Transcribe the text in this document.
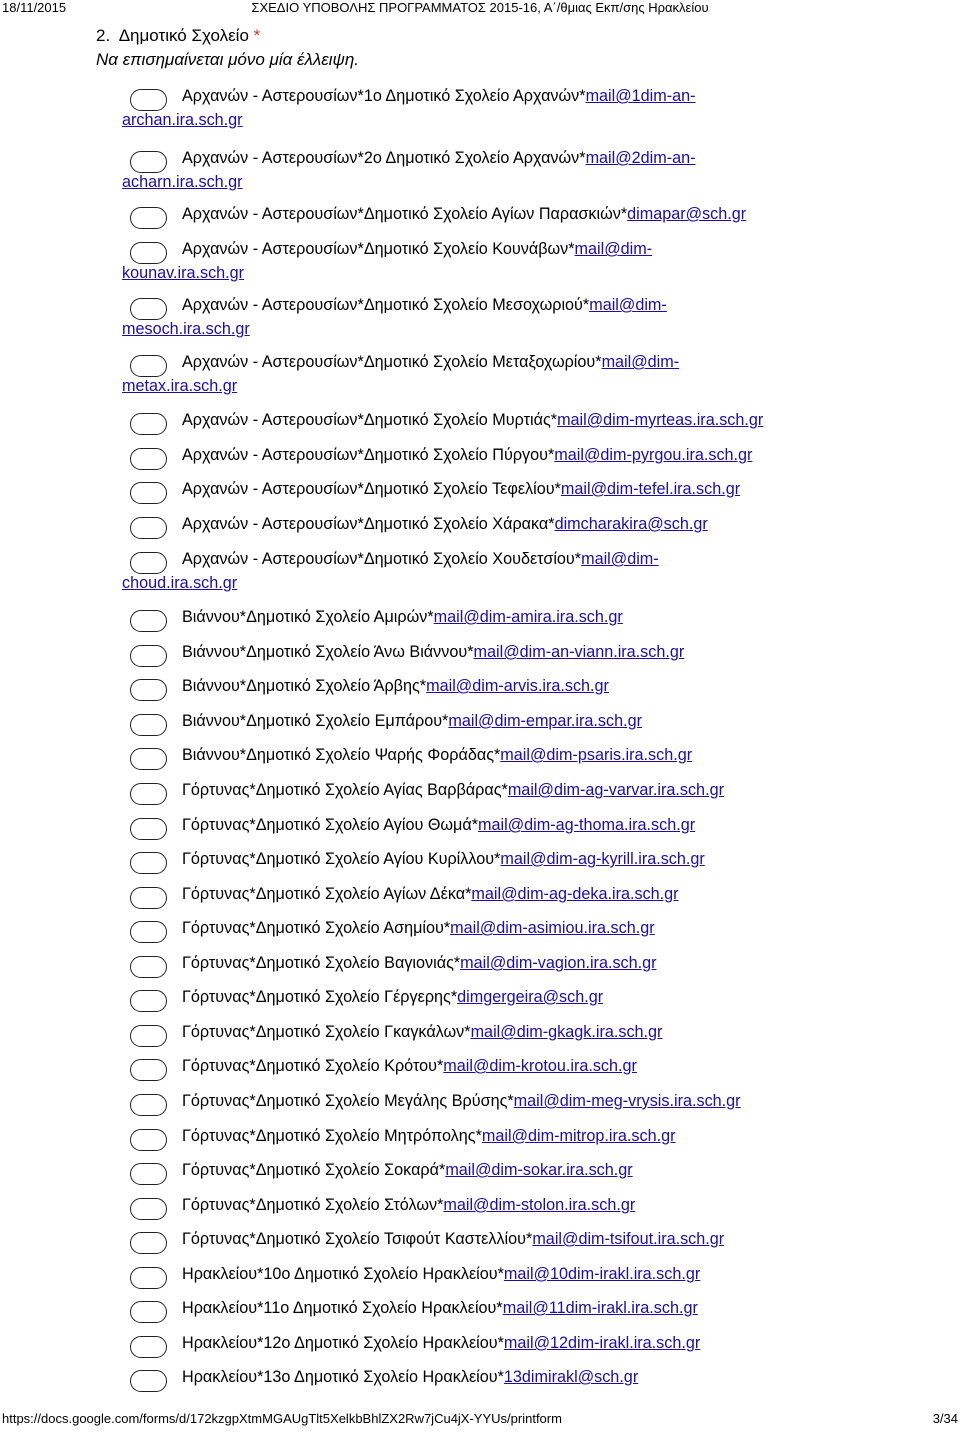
18/11/2015	ΣΧΕΔΙΟ ΥΠΟΒΟΛΗΣ ΠΡΟΓΡΑΜΜΑΤΟΣ 2015-16, Α΄/θμιας Εκπ/σης Ηρακλείου
2. Δημοτικό Σχολείο *
Να επισημαίνεται μόνο μία έλλειψη.
Αρχανών - Αστερουσίων*1ο Δημοτικό Σχολείο Αρχανών*mail@1dim-an-
archan.ira.sch.gr
Αρχανών - Αστερουσίων*2ο Δημοτικό Σχολείο Αρχανών*mail@2dim-an-
acharn.ira.sch.gr
Αρχανών - Αστερουσίων*Δημοτικό Σχολείο Αγίων Παρασκιών*dimapar@sch.gr
Αρχανών - Αστερουσίων*Δημοτικό Σχολείο Κουνάβων*mail@dim-
kounav.ira.sch.gr
Αρχανών - Αστερουσίων*Δημοτικό Σχολείο Μεσοχωριού*mail@dim-
mesoch.ira.sch.gr
Αρχανών - Αστερουσίων*Δημοτικό Σχολείο Μεταξοχωρίου*mail@dim-
metax.ira.sch.gr
Αρχανών - Αστερουσίων*Δημοτικό Σχολείο Μυρτιάς*mail@dim-myrteas.ira.sch.gr
Αρχανών - Αστερουσίων*Δημοτικό Σχολείο Πύργου*mail@dim-pyrgou.ira.sch.gr
Αρχανών - Αστερουσίων*Δημοτικό Σχολείο Τεφελίου*mail@dim-tefel.ira.sch.gr
Αρχανών - Αστερουσίων*Δημοτικό Σχολείο Χάρακα*dimcharakira@sch.gr
Αρχανών - Αστερουσίων*Δημοτικό Σχολείο Χουδετσίου*mail@dim-
choud.ira.sch.gr
Βιάννου*Δημοτικό Σχολείο Αμιρών*mail@dim-amira.ira.sch.gr
Βιάννου*Δημοτικό Σχολείο Άνω Βιάννου*mail@dim-an-viann.ira.sch.gr
Βιάννου*Δημοτικό Σχολείο Άρβης*mail@dim-arvis.ira.sch.gr
Βιάννου*Δημοτικό Σχολείο Εμπάρου*mail@dim-empar.ira.sch.gr
Βιάννου*Δημοτικό Σχολείο Ψαρής Φοράδας*mail@dim-psaris.ira.sch.gr
Γόρτυνας*Δημοτικό Σχολείο Αγίας Βαρβάρας*mail@dim-ag-varvar.ira.sch.gr
Γόρτυνας*Δημοτικό Σχολείο Αγίου Θωμά*mail@dim-ag-thoma.ira.sch.gr
Γόρτυνας*Δημοτικό Σχολείο Αγίου Κυρίλλου*mail@dim-ag-kyrill.ira.sch.gr
Γόρτυνας*Δημοτικό Σχολείο Αγίων Δέκα*mail@dim-ag-deka.ira.sch.gr
Γόρτυνας*Δημοτικό Σχολείο Ασημίου*mail@dim-asimiou.ira.sch.gr
Γόρτυνας*Δημοτικό Σχολείο Βαγιονιάς*mail@dim-vagion.ira.sch.gr
Γόρτυνας*Δημοτικό Σχολείο Γέργερης*dimgergeira@sch.gr
Γόρτυνας*Δημοτικό Σχολείο Γκαγκάλων*mail@dim-gkagk.ira.sch.gr
Γόρτυνας*Δημοτικό Σχολείο Κρότου*mail@dim-krotou.ira.sch.gr
Γόρτυνας*Δημοτικό Σχολείο Μεγάλης Βρύσης*mail@dim-meg-vrysis.ira.sch.gr
Γόρτυνας*Δημοτικό Σχολείο Μητρόπολης*mail@dim-mitrop.ira.sch.gr
Γόρτυνας*Δημοτικό Σχολείο Σοκαρά*mail@dim-sokar.ira.sch.gr
Γόρτυνας*Δημοτικό Σχολείο Στόλων*mail@dim-stolon.ira.sch.gr
Γόρτυνας*Δημοτικό Σχολείο Τσιφούτ Καστελλίου*mail@dim-tsifout.ira.sch.gr
Ηρακλείου*10ο Δημοτικό Σχολείο Ηρακλείου*mail@10dim-irakl.ira.sch.gr
Ηρακλείου*11ο Δημοτικό Σχολείο Ηρακλείου*mail@11dim-irakl.ira.sch.gr
Ηρακλείου*12ο Δημοτικό Σχολείο Ηρακλείου*mail@12dim-irakl.ira.sch.gr
Ηρακλείου*13ο Δημοτικό Σχολείο Ηρακλείου*13dimirakl@sch.gr
https://docs.google.com/forms/d/172kzgpXtmMGAUgTlt5XelkbBhlZX2Rw7jCu4jX-YYUs/printform	3/34
